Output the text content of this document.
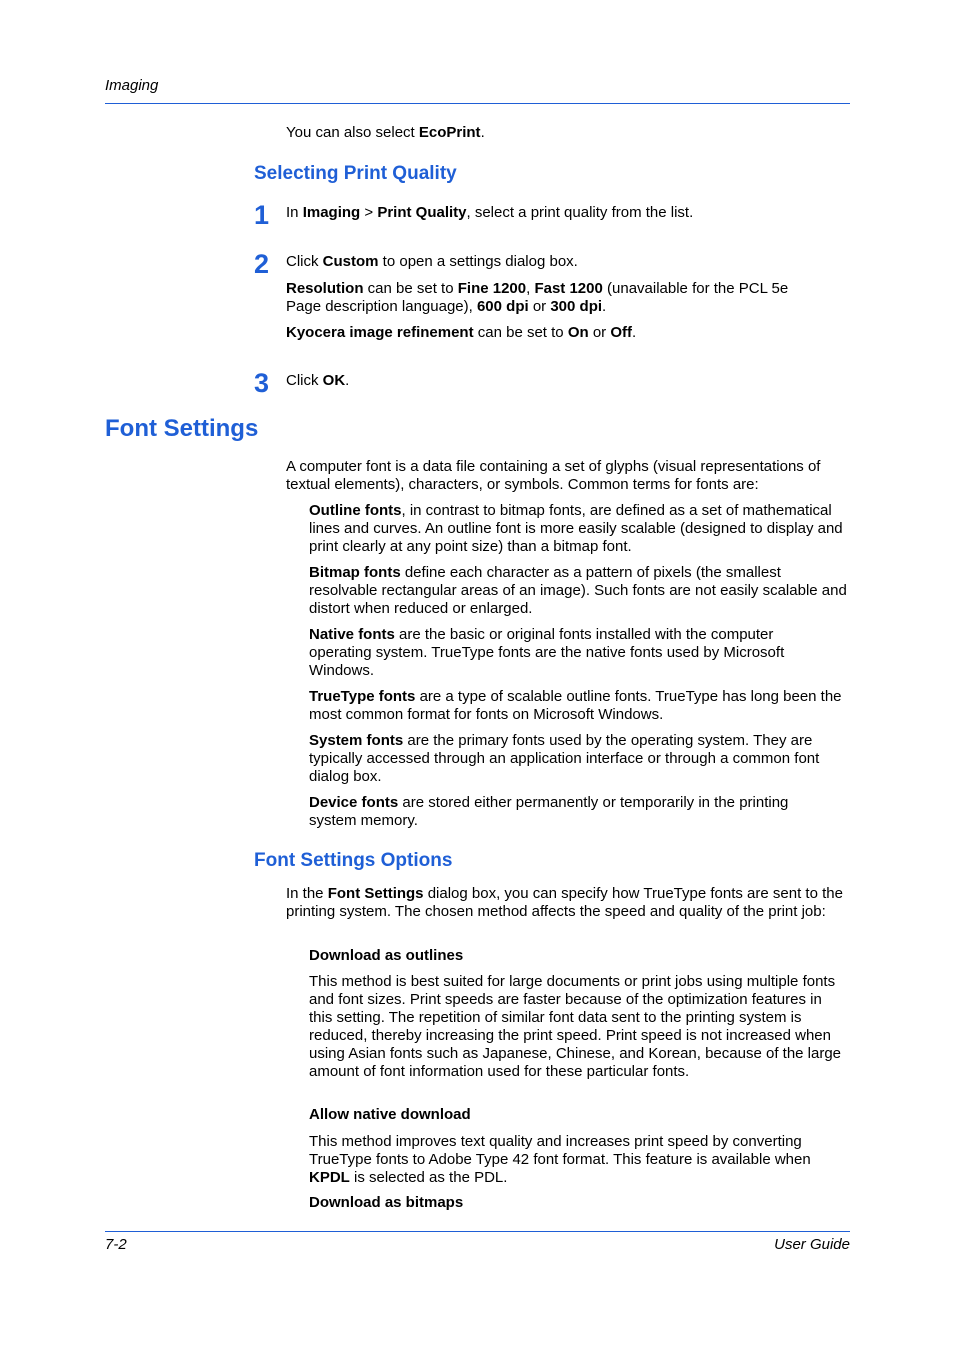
Imaging
You can also select EcoPrint.
Selecting Print Quality
1 In Imaging > Print Quality, select a print quality from the list.
2 Click Custom to open a settings dialog box.
Resolution can be set to Fine 1200, Fast 1200 (unavailable for the PCL 5e Page description language), 600 dpi or 300 dpi.
Kyocera image refinement can be set to On or Off.
3 Click OK.
Font Settings
A computer font is a data file containing a set of glyphs (visual representations of textual elements), characters, or symbols. Common terms for fonts are:
Outline fonts, in contrast to bitmap fonts, are defined as a set of mathematical lines and curves. An outline font is more easily scalable (designed to display and print clearly at any point size) than a bitmap font.
Bitmap fonts define each character as a pattern of pixels (the smallest resolvable rectangular areas of an image). Such fonts are not easily scalable and distort when reduced or enlarged.
Native fonts are the basic or original fonts installed with the computer operating system. TrueType fonts are the native fonts used by Microsoft Windows.
TrueType fonts are a type of scalable outline fonts. TrueType has long been the most common format for fonts on Microsoft Windows.
System fonts are the primary fonts used by the operating system. They are typically accessed through an application interface or through a common font dialog box.
Device fonts are stored either permanently or temporarily in the printing system memory.
Font Settings Options
In the Font Settings dialog box, you can specify how TrueType fonts are sent to the printing system. The chosen method affects the speed and quality of the print job:
Download as outlines
This method is best suited for large documents or print jobs using multiple fonts and font sizes. Print speeds are faster because of the optimization features in this setting. The repetition of similar font data sent to the printing system is reduced, thereby increasing the print speed. Print speed is not increased when using Asian fonts such as Japanese, Chinese, and Korean, because of the large amount of font information used for these particular fonts.
Allow native download
This method improves text quality and increases print speed by converting TrueType fonts to Adobe Type 42 font format. This feature is available when KPDL is selected as the PDL.
Download as bitmaps
7-2	User Guide
